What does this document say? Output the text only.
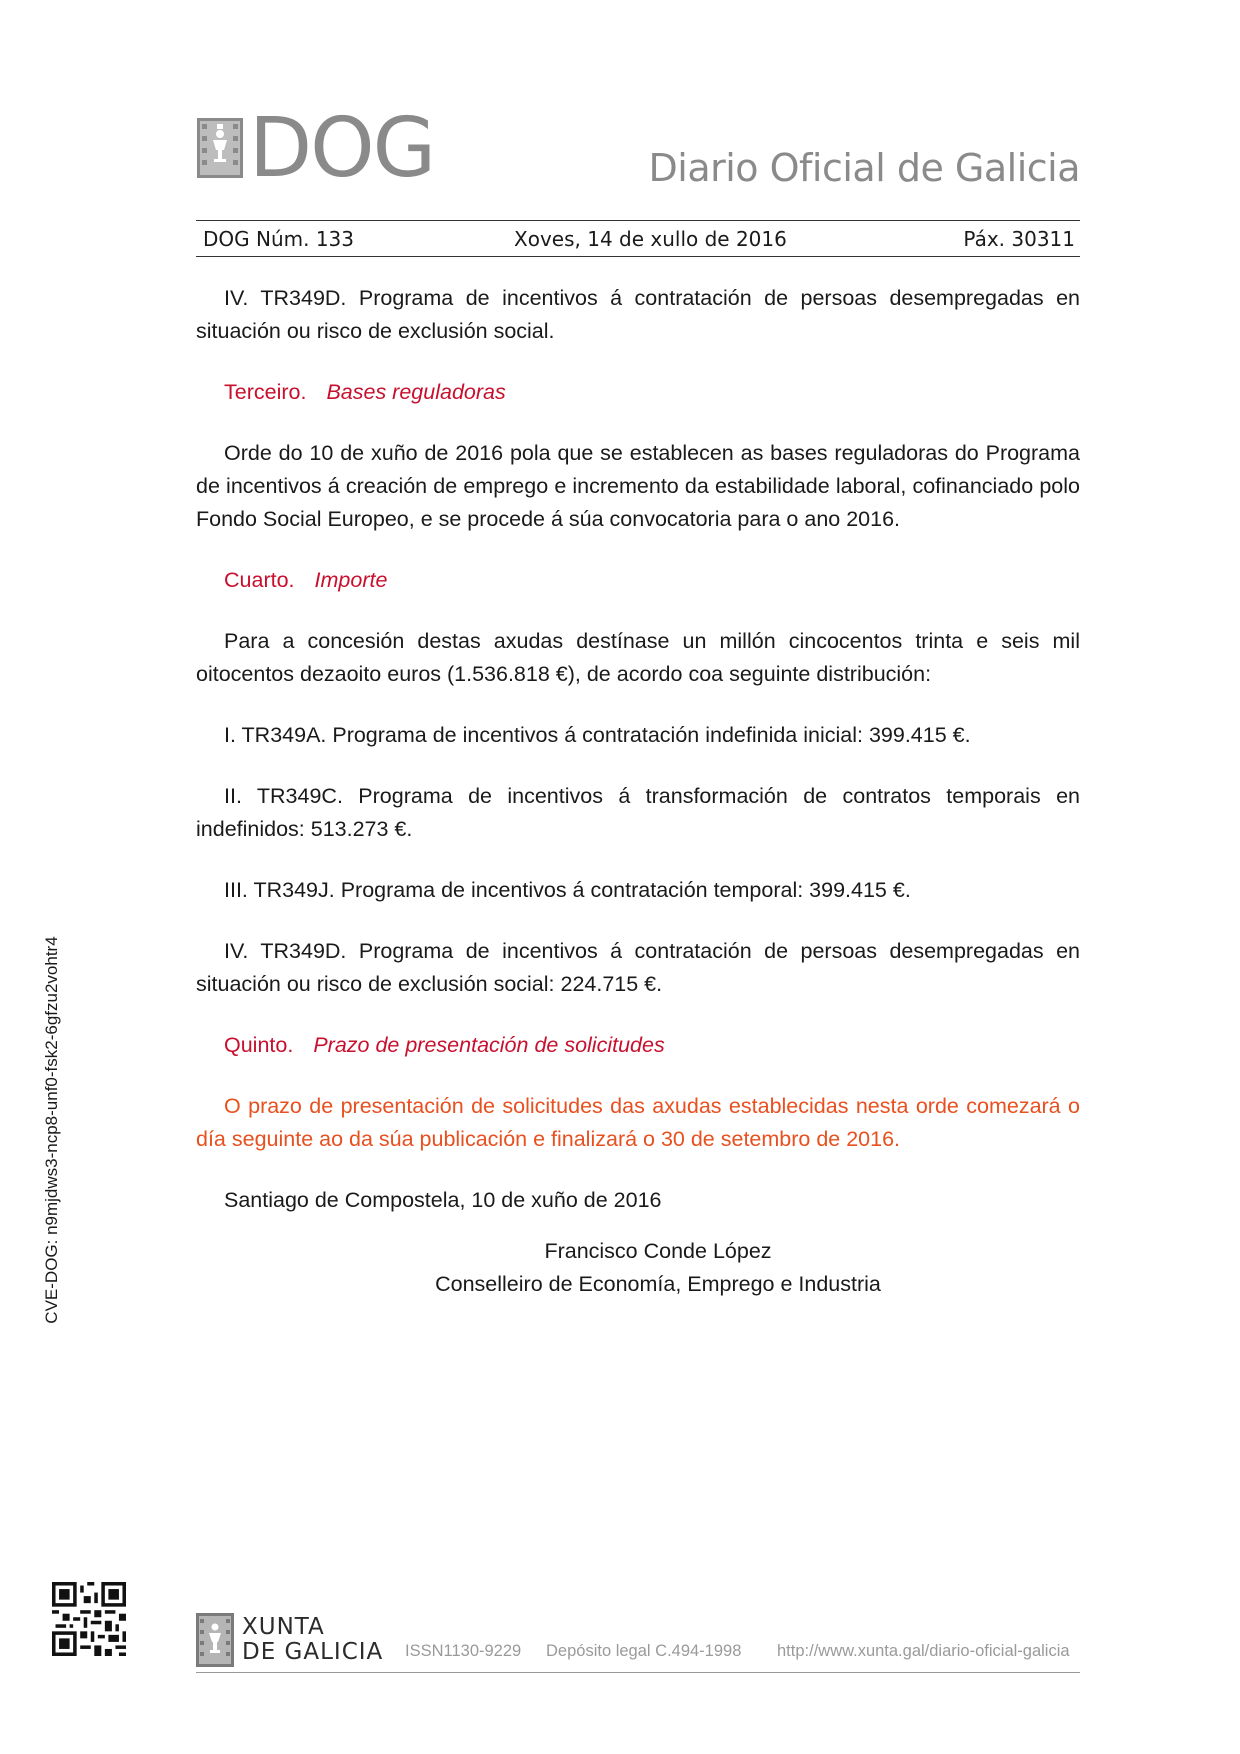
DOG	Diario Oficial de Galicia
DOG Núm. 133	Xoves, 14 de xullo de 2016	Páx. 30311

IV. TR349D. Programa de incentivos á contratación de persoas desempregadas en situación ou risco de exclusión social.

Terceiro. Bases reguladoras

Orde do 10 de xuño de 2016 pola que se establecen as bases reguladoras do Programa de incentivos á creación de emprego e incremento da estabilidade laboral, cofinanciado polo Fondo Social Europeo, e se procede á súa convocatoria para o ano 2016.

Cuarto. Importe

Para a concesión destas axudas destínase un millón cincocentos trinta e seis mil oitocentos dezaoito euros (1.536.818 €), de acordo coa seguinte distribución:

I. TR349A. Programa de incentivos á contratación indefinida inicial: 399.415 €.

II. TR349C. Programa de incentivos á transformación de contratos temporais en indefinidos: 513.273 €.

III. TR349J. Programa de incentivos á contratación temporal: 399.415 €.

IV. TR349D. Programa de incentivos á contratación de persoas desempregadas en situación ou risco de exclusión social: 224.715 €.

Quinto. Prazo de presentación de solicitudes

O prazo de presentación de solicitudes das axudas establecidas nesta orde comezará o día seguinte ao da súa publicación e finalizará o 30 de setembro de 2016.

Santiago de Compostela, 10 de xuño de 2016

Francisco Conde López
Conselleiro de Economía, Emprego e Industria
CVE-DOG: n9mjdws3-ncp8-unf0-fsk2-6gfzu2vohtr4
XUNTA
DE GALICIA ISSN1130-9229 Depósito legal C.494-1998 http://www.xunta.gal/diario-oficial-galicia
